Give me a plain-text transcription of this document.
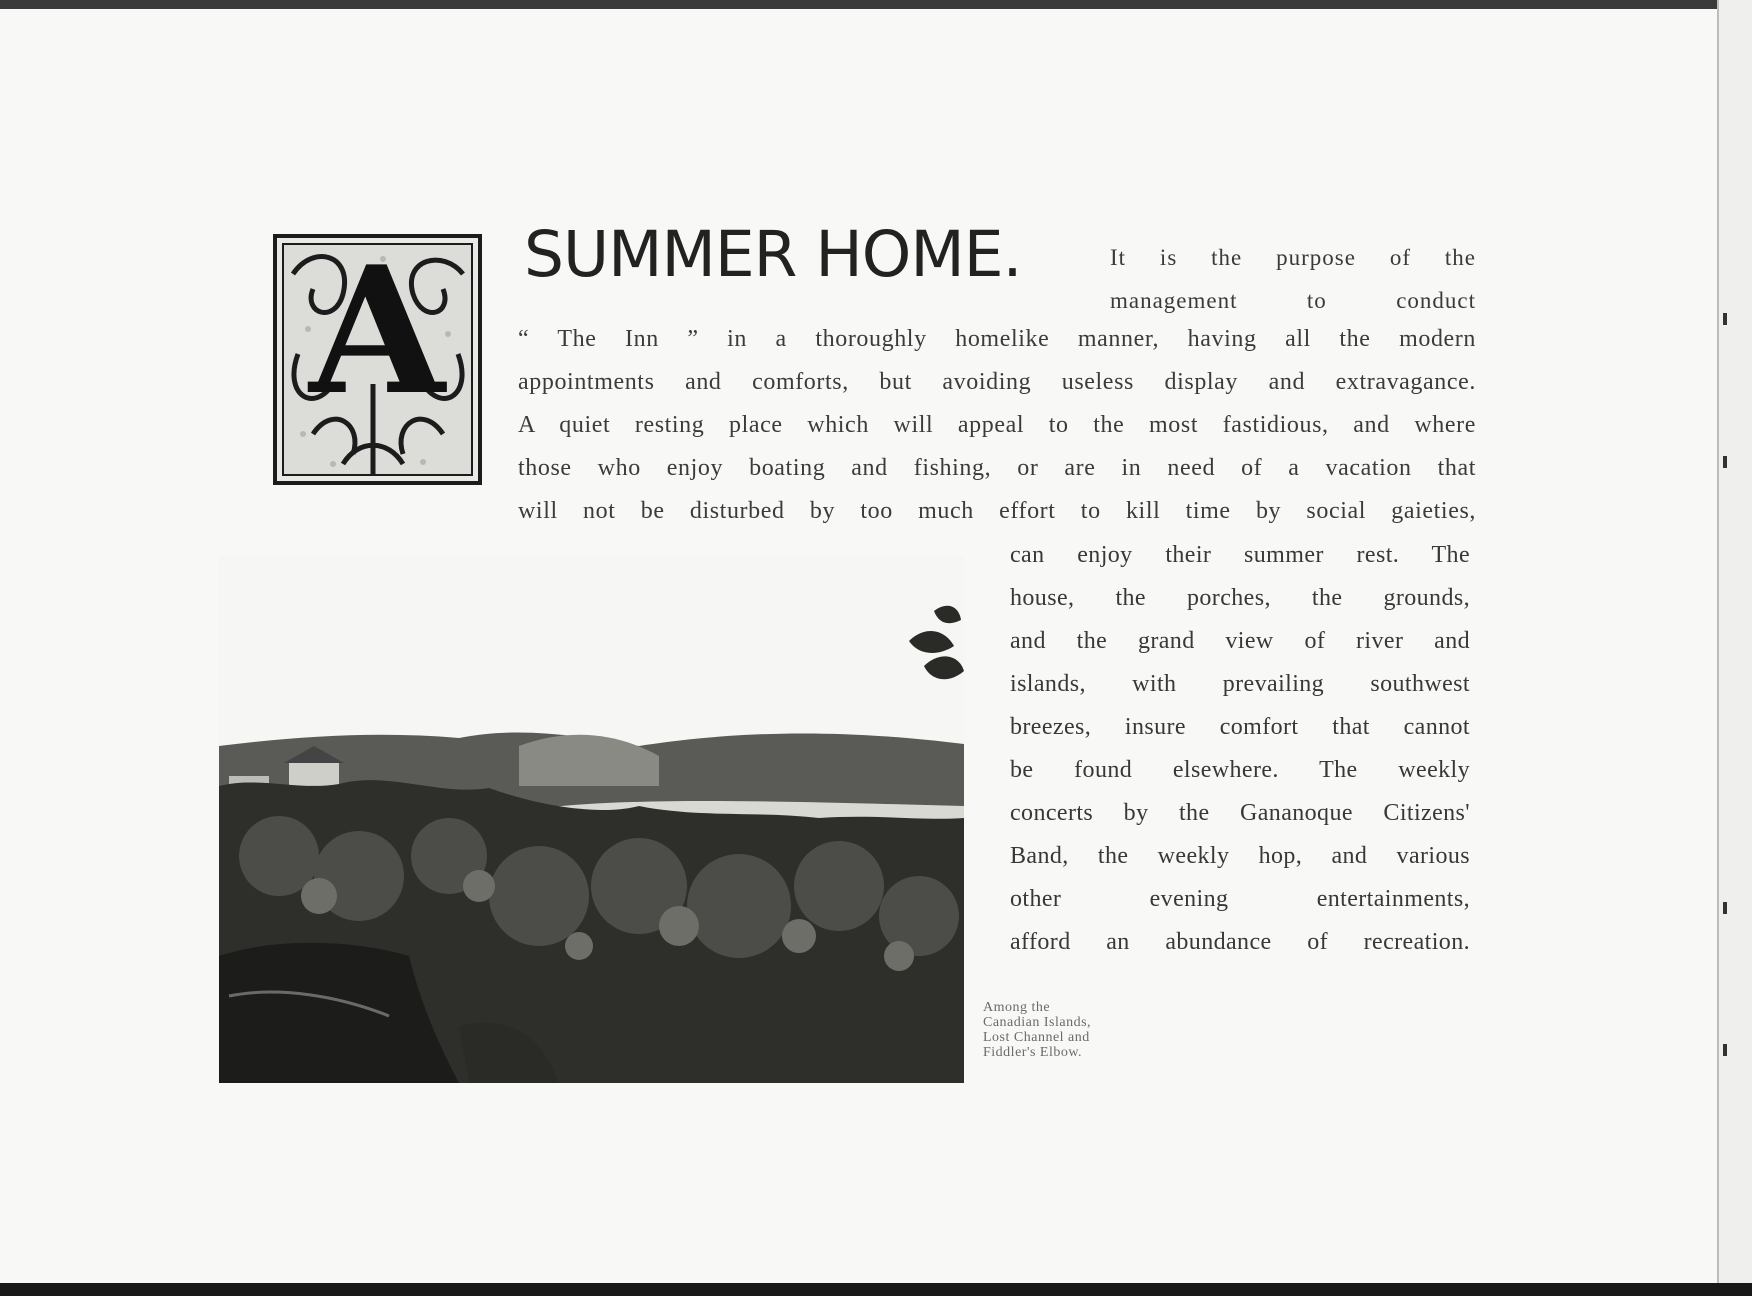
A SUMMER HOME.	It is the purpose of the
management to conduct
“ The Inn ” in a thoroughly homelike manner, having all the modern
appointments and comforts, but avoiding useless display and extravagance.
A quiet resting place which will appeal to the most fastidious, and where
those who enjoy boating and fishing, or are in need of a vacation that
will not be disturbed by too much effort to kill time by social gaieties,
can enjoy their summer rest. The
house, the porches, the grounds,
and the grand view of river and
islands, with prevailing southwest
breezes, insure comfort that cannot
be found elsewhere. The weekly
concerts by the Gananoque Citizens'
Band, the weekly hop, and various
other evening entertainments,
afford an abundance of recreation.
Among the
Canadian Islands,
Lost Channel and
Fiddler's Elbow.
